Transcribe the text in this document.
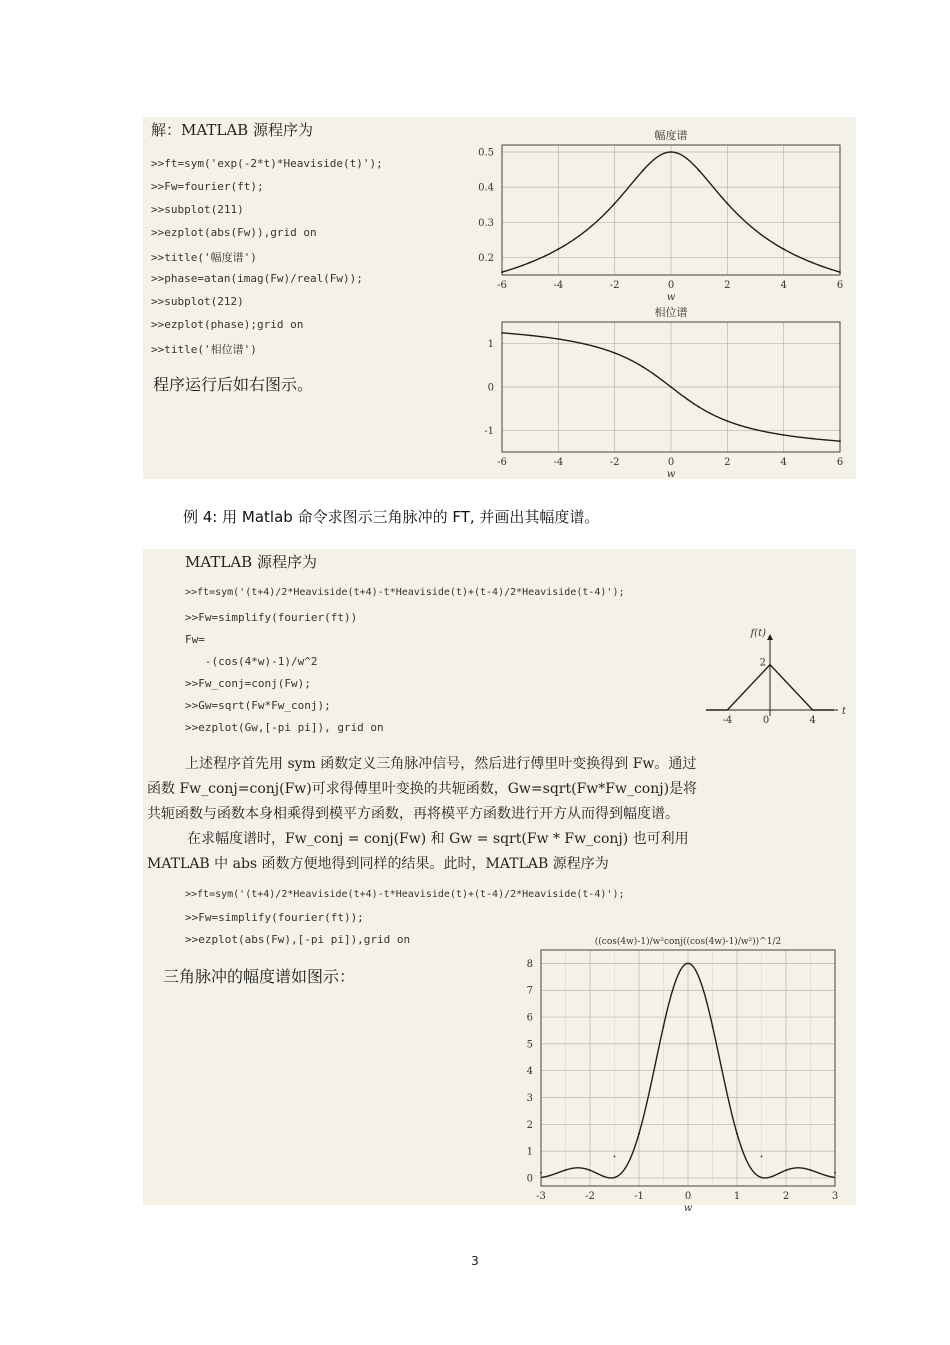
解：MATLAB 源程序为
>>ft=sym('exp(-2*t)*Heaviside(t)');
>>Fw=fourier(ft);
>>subplot(211)
>>ezplot(abs(Fw)),grid on
>>title('幅度谱')
>>phase=atan(imag(Fw)/real(Fw));
>>subplot(212)
>>ezplot(phase);grid on
>>title('相位谱')
程序运行后如右图示。
幅度谱
-6	-4	-2	0	2	4	6
0.2
0.3
0.4
0.5
w
相位谱
-6	-4	-2	0	2	4	6
-1
0
1
w
例 4: 用 Matlab 命令求图示三角脉冲的 FT, 并画出其幅度谱。
MATLAB 源程序为
>>ft=sym('(t+4)/2*Heaviside(t+4)-t*Heaviside(t)+(t-4)/2*Heaviside(t-4)');
>>Fw=simplify(fourier(ft))
Fw=
-(cos(4*w)-1)/w^2
>>Fw_conj=conj(Fw);
>>Gw=sqrt(Fw*Fw_conj);
>>ezplot(Gw,[-pi pi]), grid on
上述程序首先用 sym 函数定义三角脉冲信号，然后进行傅里叶变换得到 Fw。通过
函数 Fw_conj=conj(Fw)可求得傅里叶变换的共轭函数，Gw=sqrt(Fw*Fw_conj)是将
共轭函数与函数本身相乘得到模平方函数，再将模平方函数进行开方从而得到幅度谱。
　在求幅度谱时，Fw_conj = conj(Fw) 和 Gw = sqrt(Fw * Fw_conj) 也可利用
MATLAB 中 abs 函数方便地得到同样的结果。此时，MATLAB 源程序为
>>ft=sym('(t+4)/2*Heaviside(t+4)-t*Heaviside(t)+(t-4)/2*Heaviside(t-4)');
>>Fw=simplify(fourier(ft));
>>ezplot(abs(Fw),[-pi pi]),grid on
三角脉冲的幅度谱如图示：
-4	0	4
2
f(t)
t
((cos(4w)-1)/w²conj((cos(4w)-1)/w²))^1/2
-3	-2	-1	0	1	2	3
0
1
2
3
4
5
6
7
8
w
3
